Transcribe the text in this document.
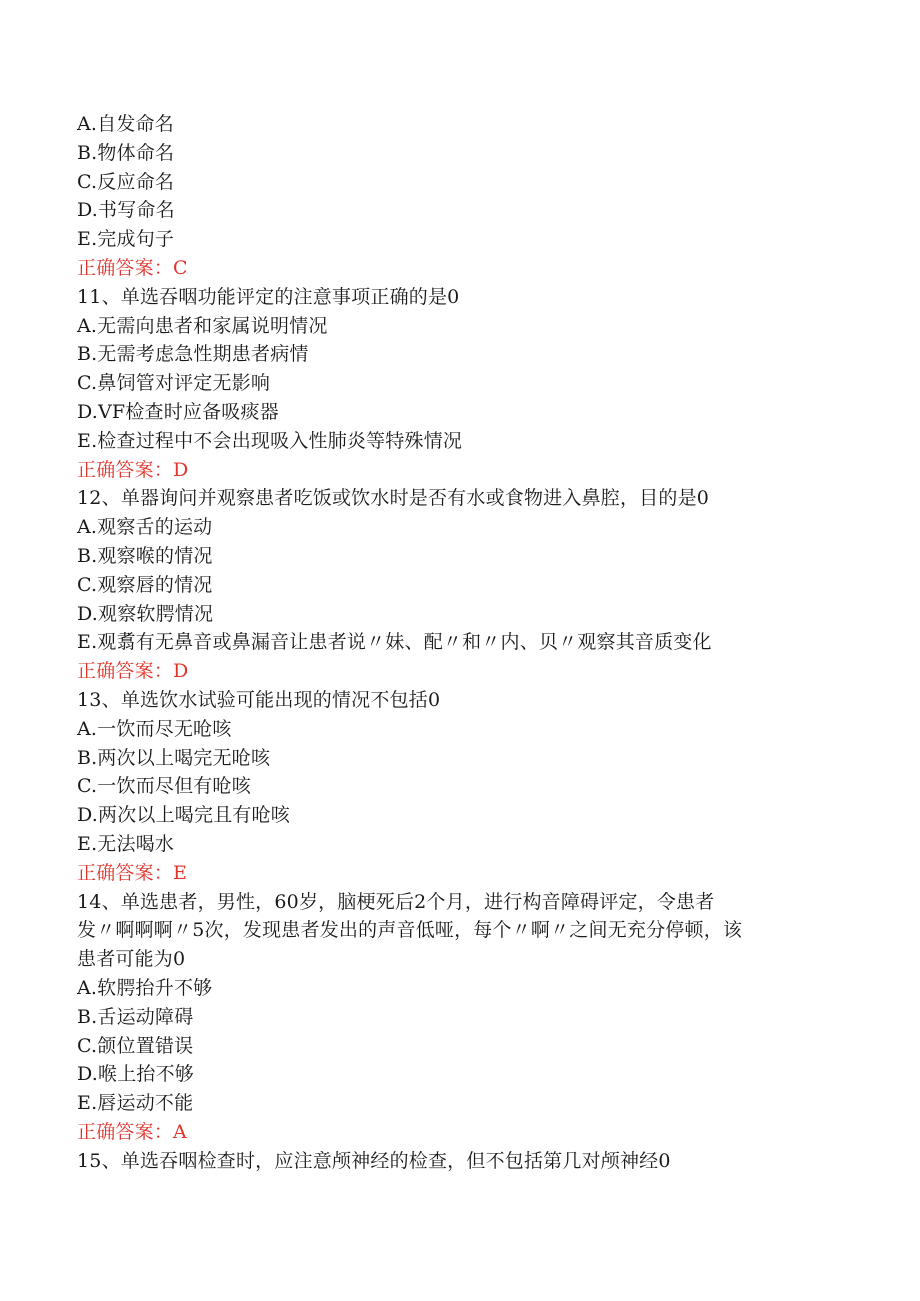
A.自发命名
B.物体命名
C.反应命名
D.书写命名
E.完成句子
正确答案：C
11、单选吞咽功能评定的注意事项正确的是0
A.无需向患者和家属说明情况
B.无需考虑急性期患者病情
C.鼻饲管对评定无影响
D.VF检查时应备吸痰器
E.检查过程中不会出现吸入性肺炎等特殊情况
正确答案：D
12、单器询问并观察患者吃饭或饮水时是否有水或食物进入鼻腔，目的是0
A.观察舌的运动
B.观察喉的情况
C.观察唇的情况
D.观察软腭情况
E.观翥有无鼻音或鼻漏音让患者说〃妹、配〃和〃内、贝〃观察其音质变化
正确答案：D
13、单选饮水试验可能出现的情况不包括0
A.一饮而尽无呛咳
B.两次以上喝完无呛咳
C.一饮而尽但有呛咳
D.两次以上喝完且有呛咳
E.无法喝水
正确答案：E
14、单选患者，男性，60岁，脑梗死后2个月，进行构音障碍评定，令患者
发〃啊啊啊〃5次，发现患者发出的声音低哑，每个〃啊〃之间无充分停顿，该
患者可能为0
A.软腭抬升不够
B.舌运动障碍
C.颌位置错误
D.喉上抬不够
E.唇运动不能
正确答案：A
15、单选吞咽检查时，应注意颅神经的检查，但不包括第几对颅神经0
